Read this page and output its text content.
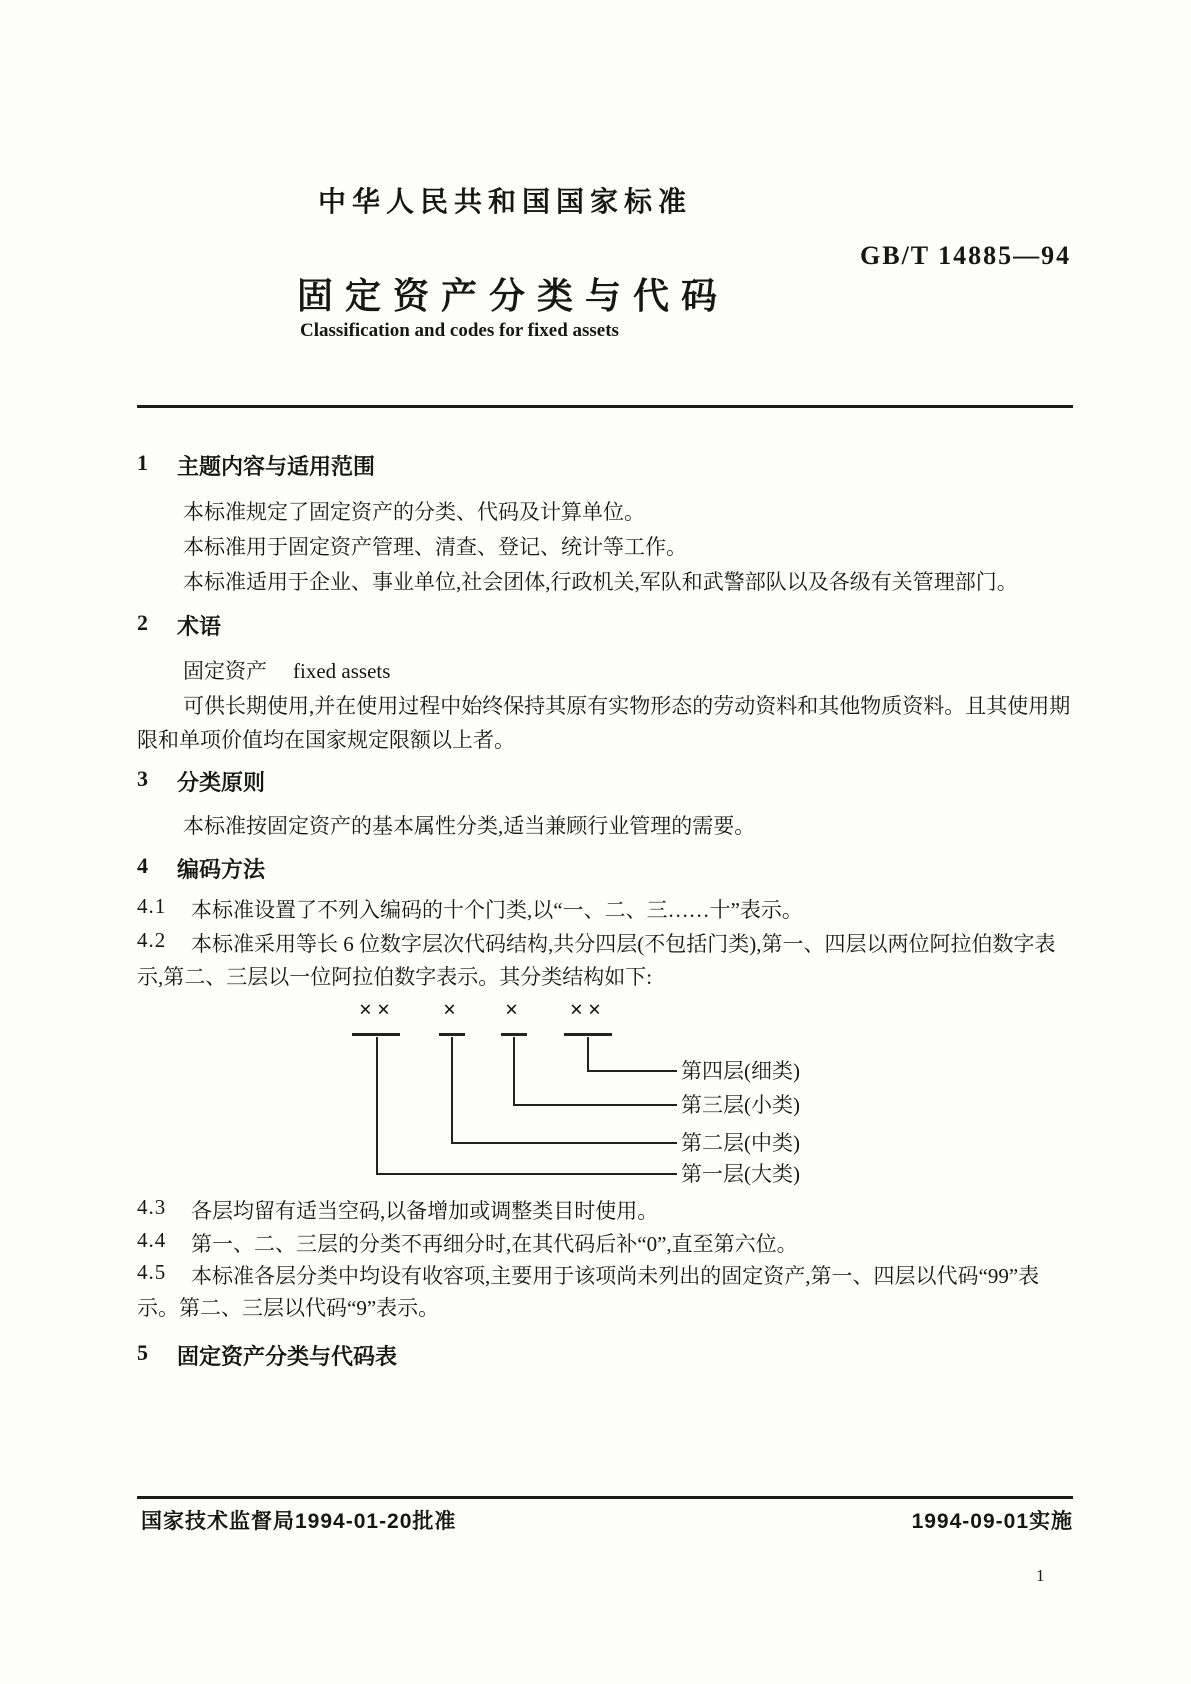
中华人民共和国国家标准
GB/T 14885—94
固定资产分类与代码
Classification and codes for fixed assets
1	主题内容与适用范围
本标准规定了固定资产的分类、代码及计算单位。
本标准用于固定资产管理、清查、登记、统计等工作。
本标准适用于企业、事业单位,社会团体,行政机关,军队和武警部队以及各级有关管理部门。
2	术语
固定资产 fixed assets
可供长期使用,并在使用过程中始终保持其原有实物形态的劳动资料和其他物质资料。且其使用期
限和单项价值均在国家规定限额以上者。
3	分类原则
本标准按固定资产的基本属性分类,适当兼顾行业管理的需要。
4	编码方法
4.1	本标准设置了不列入编码的十个门类,以“一、二、三……十”表示。
4.2	本标准采用等长 6 位数字层次代码结构,共分四层(不包括门类),第一、四层以两位阿拉伯数字表
示,第二、三层以一位阿拉伯数字表示。其分类结构如下:
×× × × ××
第四层(细类)
第三层(小类)
第二层(中类)
第一层(大类)
4.3	各层均留有适当空码,以备增加或调整类目时使用。
4.4	第一、二、三层的分类不再细分时,在其代码后补“0”,直至第六位。
4.5	本标准各层分类中均设有收容项,主要用于该项尚未列出的固定资产,第一、四层以代码“99”表
示。第二、三层以代码“9”表示。
5	固定资产分类与代码表
国家技术监督局1994-01-20批准	1994-09-01实施
1
